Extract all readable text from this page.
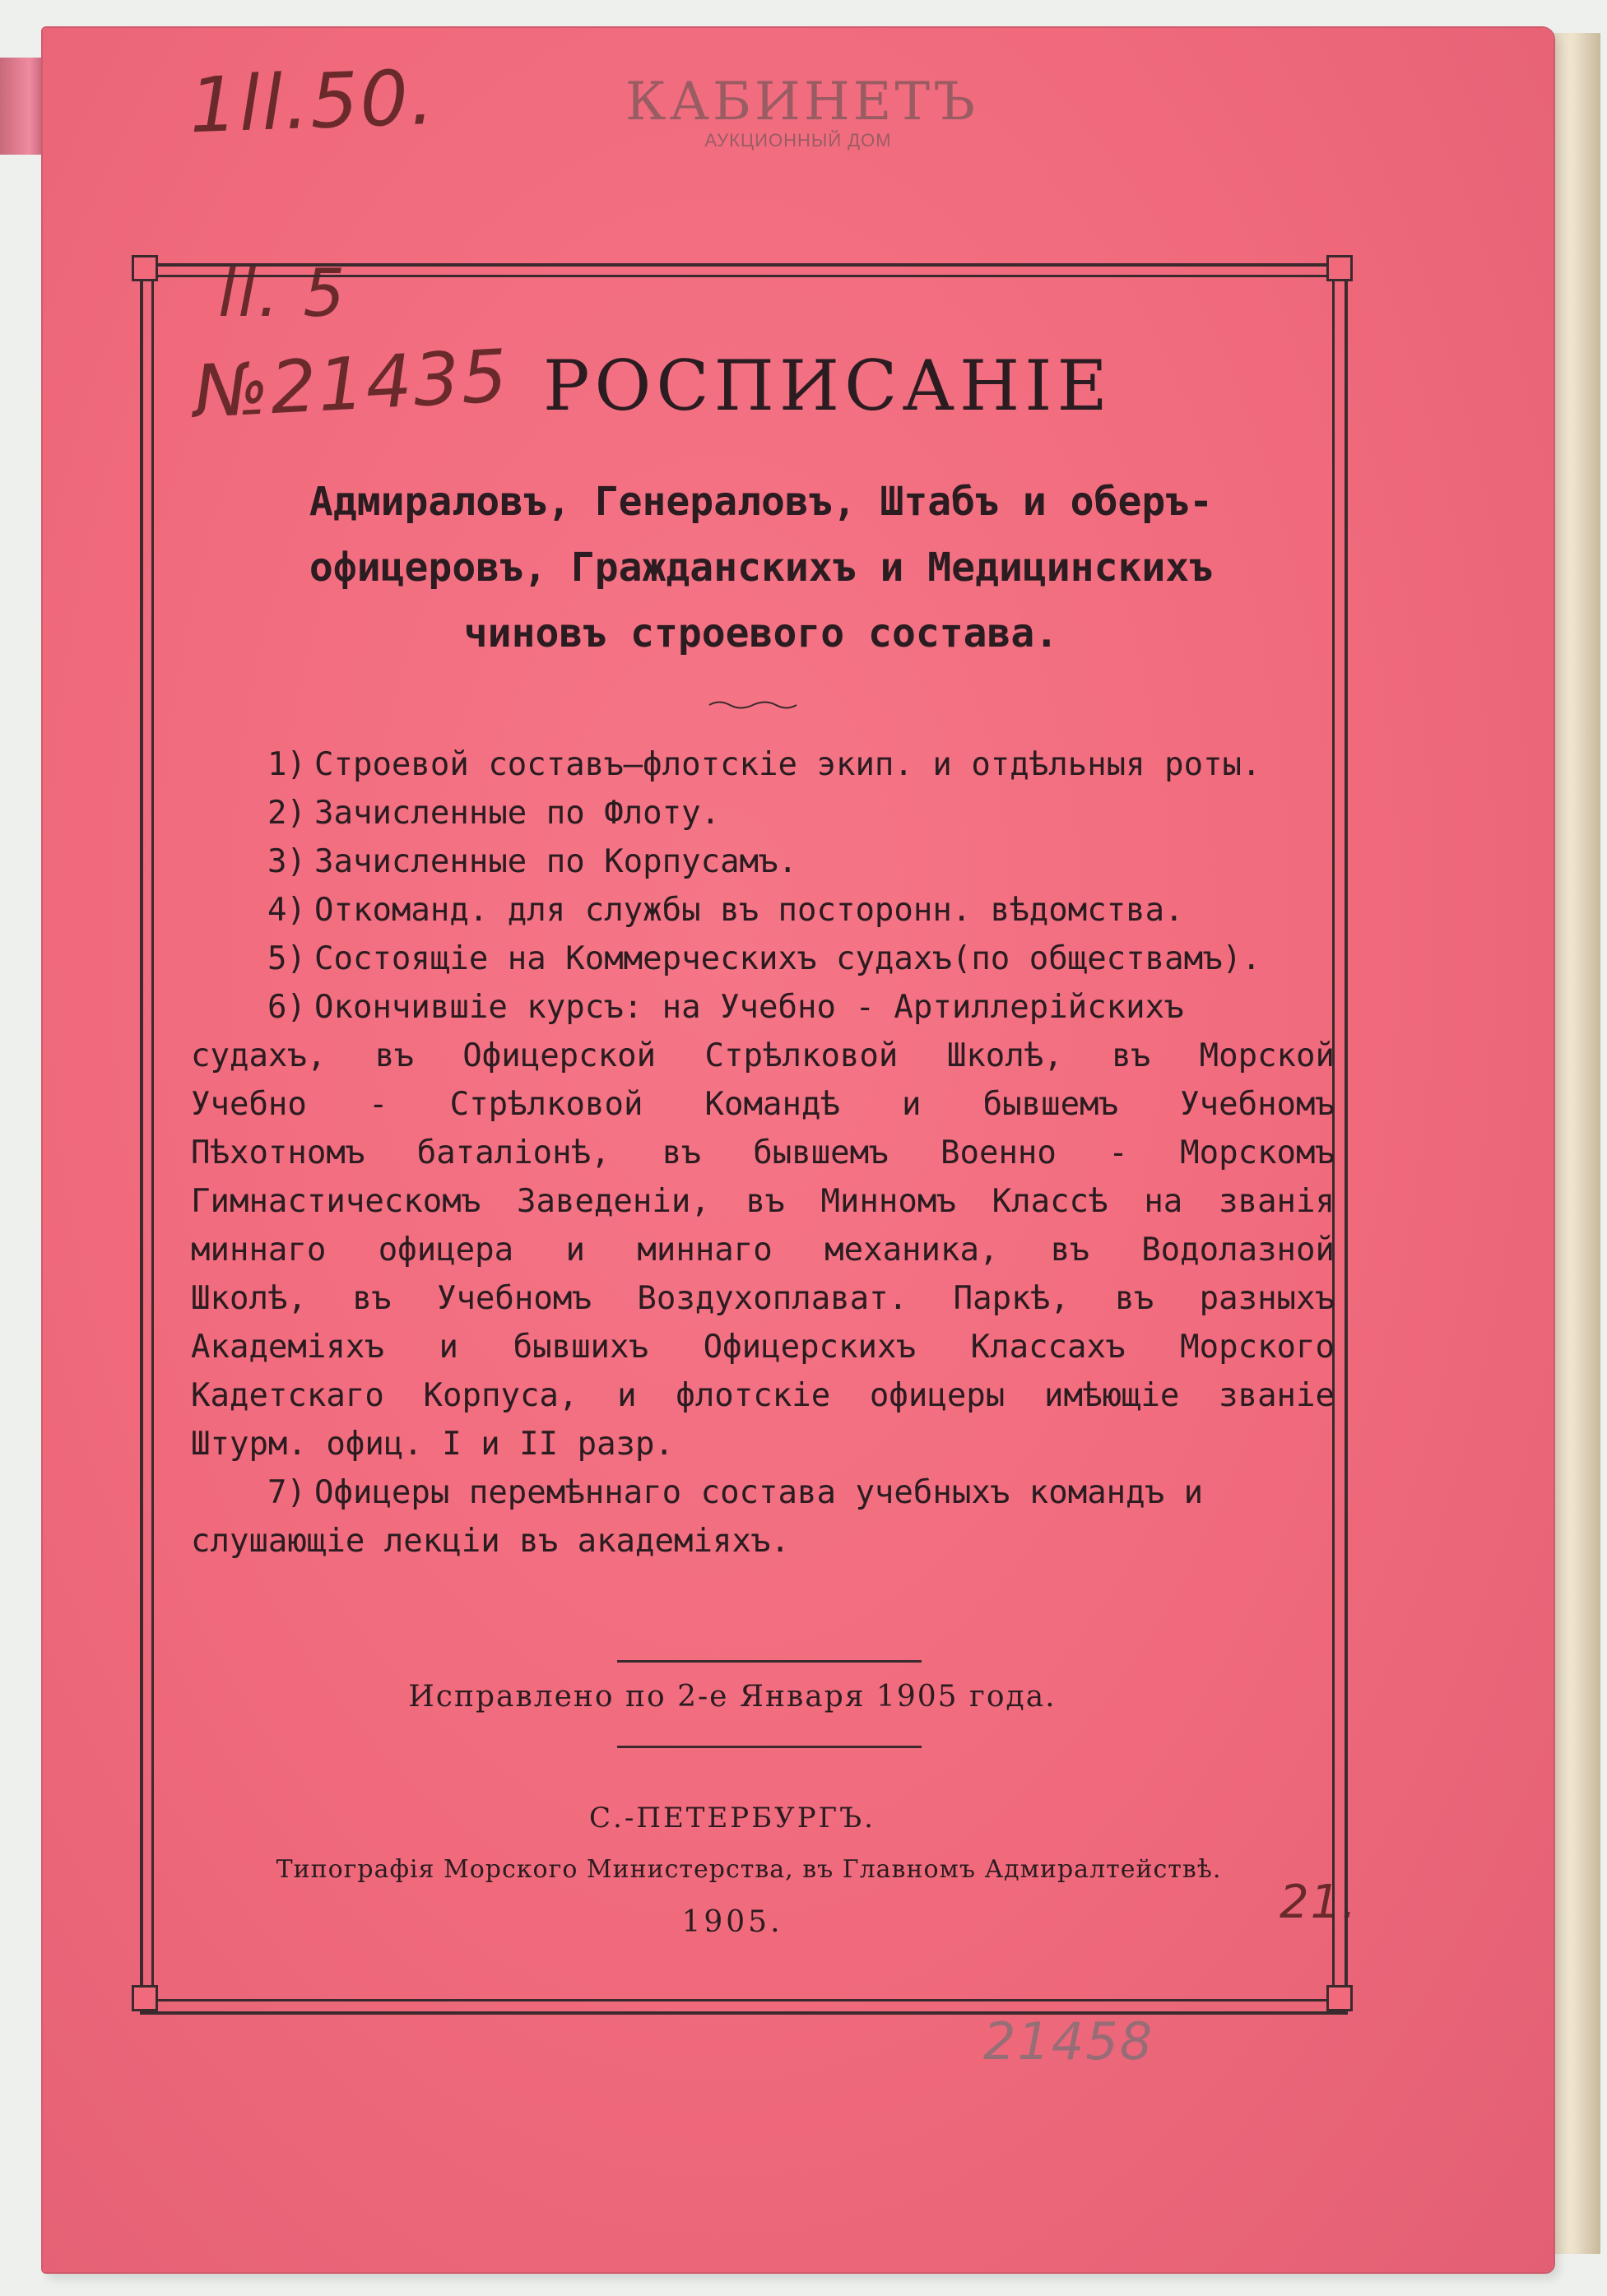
КАБИНЕТЪ
АУКЦИОННЫЙ ДОМ
1ll.50.
ll. 5
№21435
21.
21458
РОСПИСАНІЕ
Адмираловъ, Генераловъ, Штабъ и оберъ-
офицеровъ, Гражданскихъ и Медицинскихъ
чиновъ строевого состава.
1) Строевой составъ—флотскіе экип. и отдѣльныя роты.
2) Зачисленные по Флоту.
3) Зачисленные по Корпусамъ.
4) Откоманд. для службы въ посторонн. вѣдомства.
5) Состоящіе на Коммерческихъ судахъ(по обществамъ).
6) Окончившіе курсъ: на Учебно - Артиллерійскихъ
судахъ, въ Офицерской Стрѣлковой Школѣ, въ Морской
Учебно - Стрѣлковой Командѣ и бывшемъ Учебномъ
Пѣхотномъ баталіонѣ, въ бывшемъ Военно - Морскомъ
Гимнастическомъ Заведеніи, въ Минномъ Классѣ на званія
миннаго офицера и миннаго механика, въ Водолазной
Школѣ, въ Учебномъ Воздухоплават. Паркѣ, въ разныхъ
Академіяхъ и бывшихъ Офицерскихъ Классахъ Морского
Кадетскаго Корпуса, и флотскіе офицеры имѣющіе званіе
Штурм. офиц. I и II разр.
7) Офицеры перемѣннаго состава учебныхъ командъ и
слушающіе лекціи въ академіяхъ.
Исправлено по 2-е Января 1905 года.
С.-ПЕТЕРБУРГЪ.
Типографія Морского Министерства, въ Главномъ Адмиралтействѣ.
1905.
